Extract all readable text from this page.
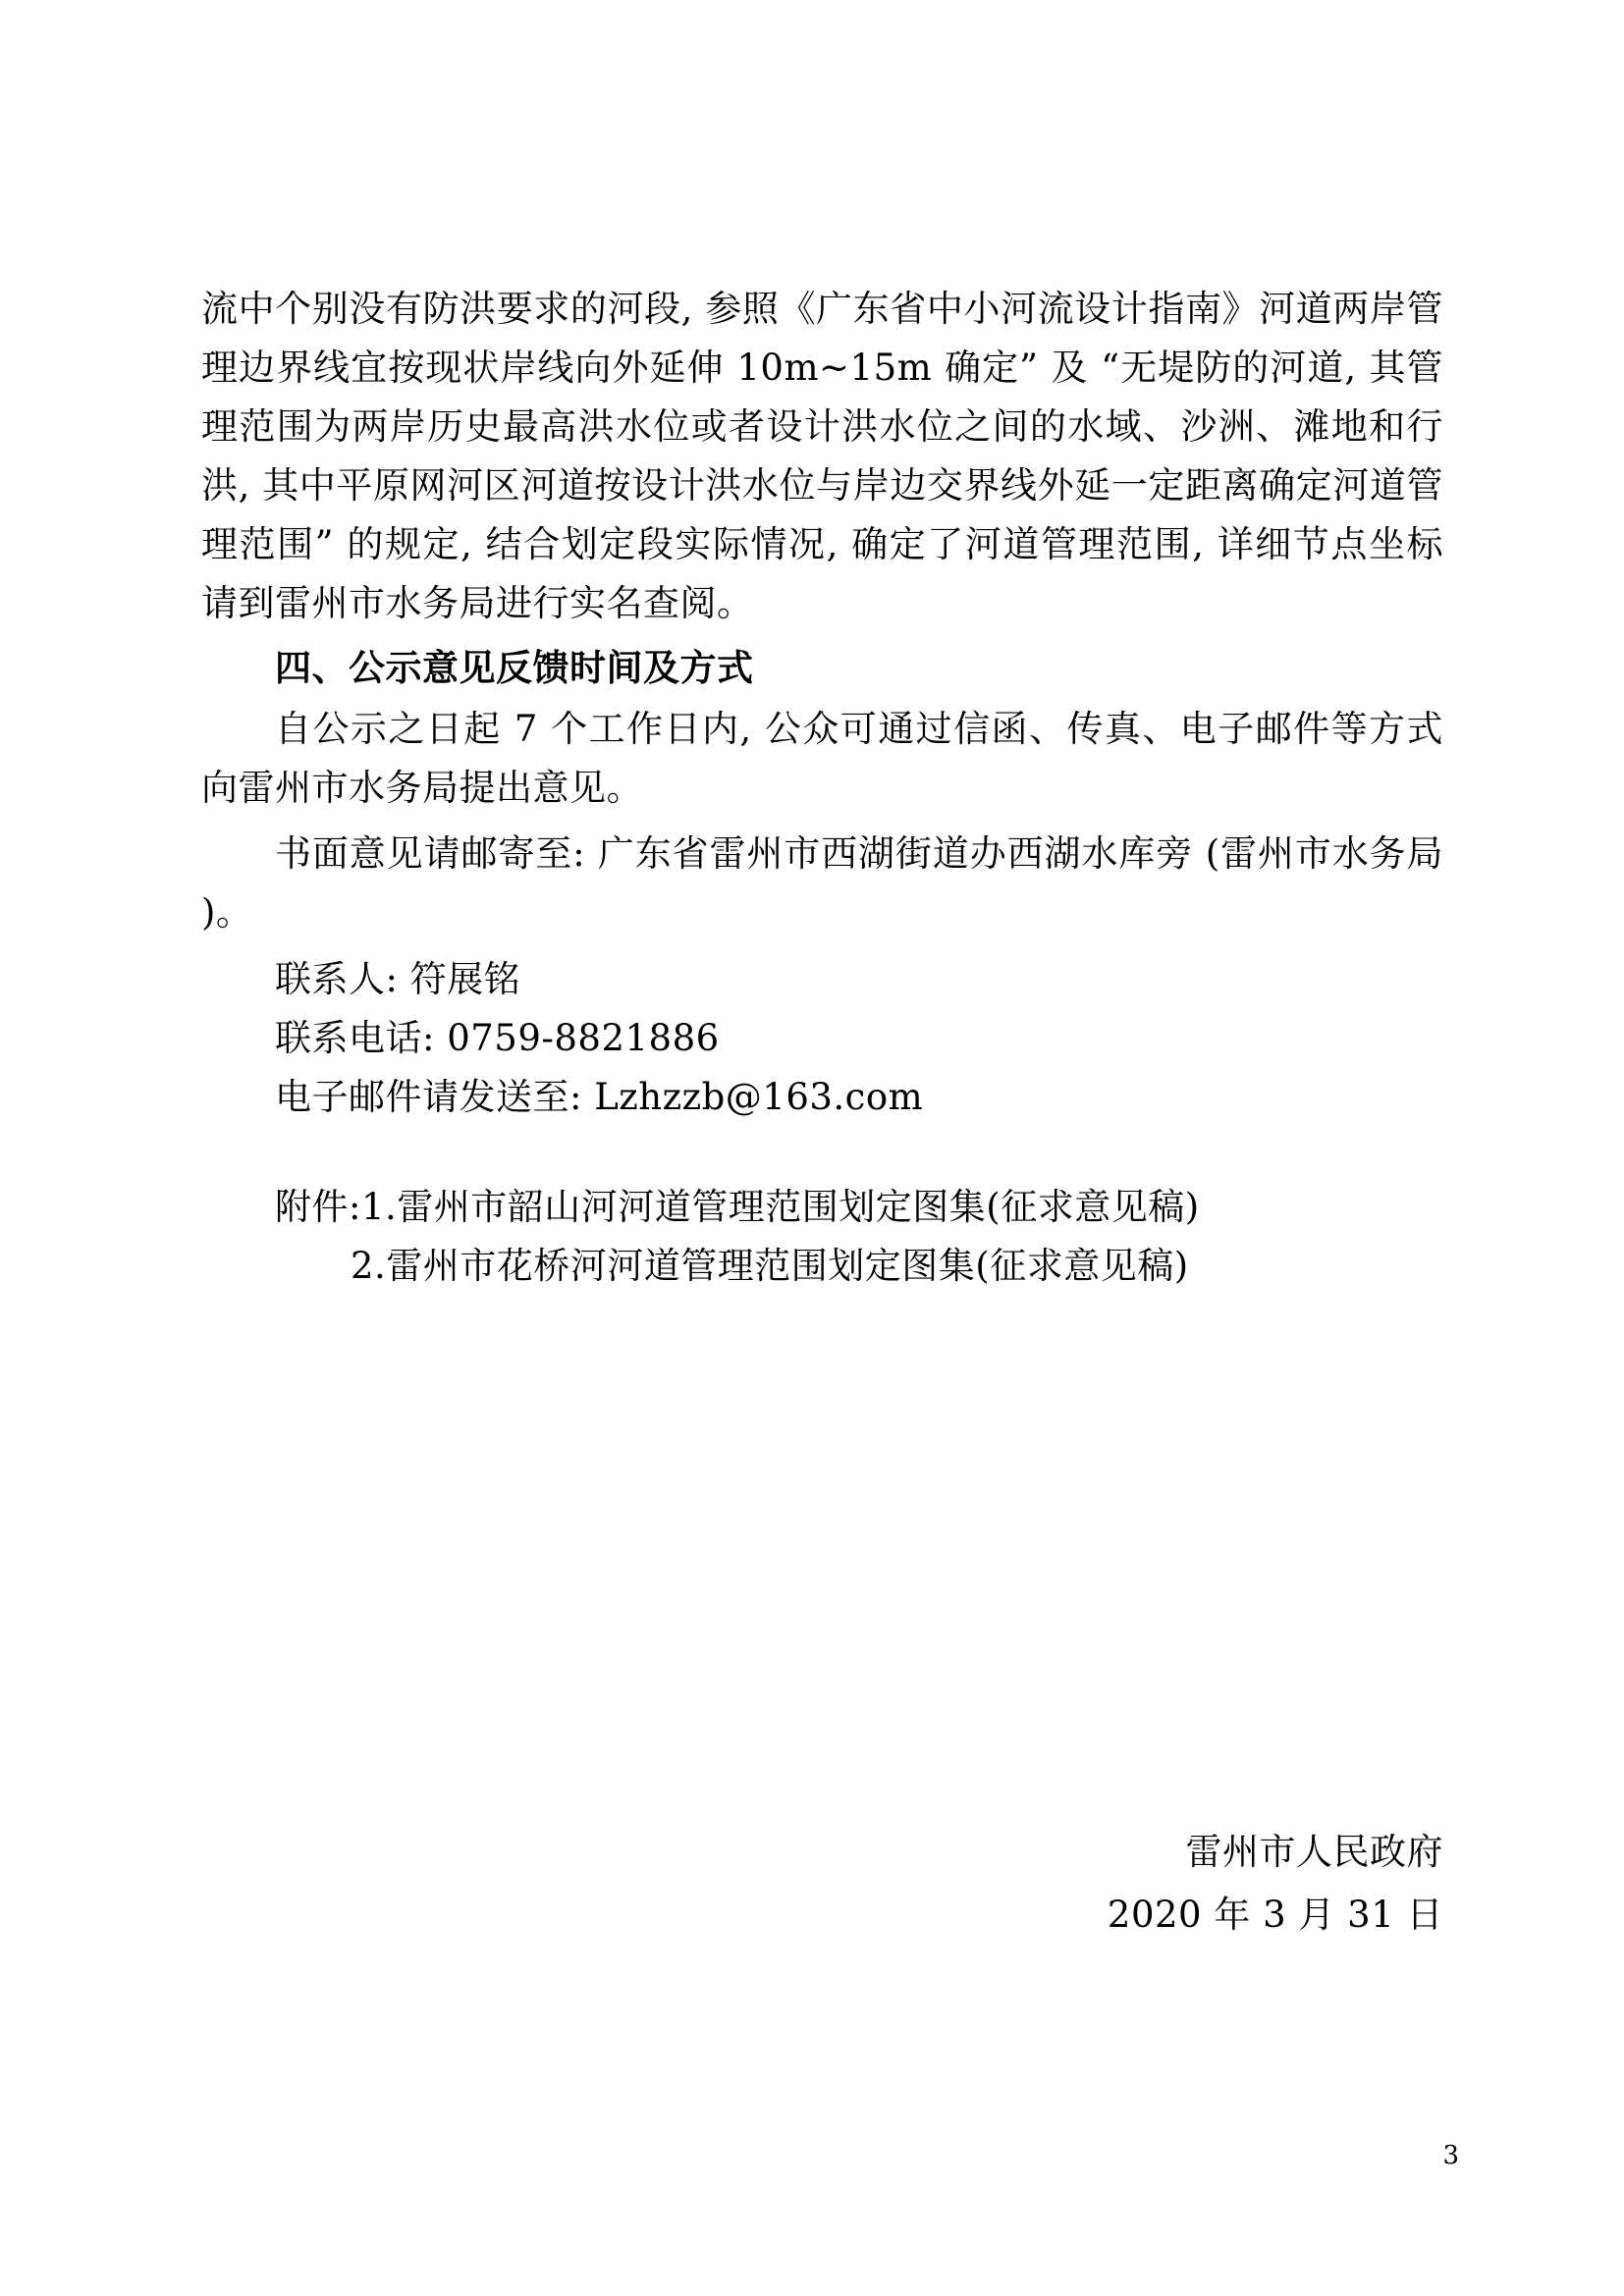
流中个别没有防洪要求的河段, 参照《广东省中小河流设计指南》河道两岸管理边界线宜按现状岸线向外延伸 10m~15m 确定” 及 “无堤防的河道, 其管理范围为两岸历史最高洪水位或者设计洪水位之间的水域、沙洲、滩地和行洪, 其中平原网河区河道按设计洪水位与岸边交界线外延一定距离确定河道管理范围” 的规定, 结合划定段实际情况, 确定了河道管理范围, 详细节点坐标请到雷州市水务局进行实名查阅。

四、公示意见反馈时间及方式

自公示之日起 7 个工作日内, 公众可通过信函、传真、电子邮件等方式向雷州市水务局提出意见。

书面意见请邮寄至: 广东省雷州市西湖街道办西湖水库旁 (雷州市水务局 )。

联系人: 符展铭

联系电话: 0759-8821886

电子邮件请发送至: Lzhzzb@163.com

附件:1.雷州市韶山河河道管理范围划定图集(征求意见稿)

2.雷州市花桥河河道管理范围划定图集(征求意见稿)

雷州市人民政府

2020 年 3 月 31 日

3
